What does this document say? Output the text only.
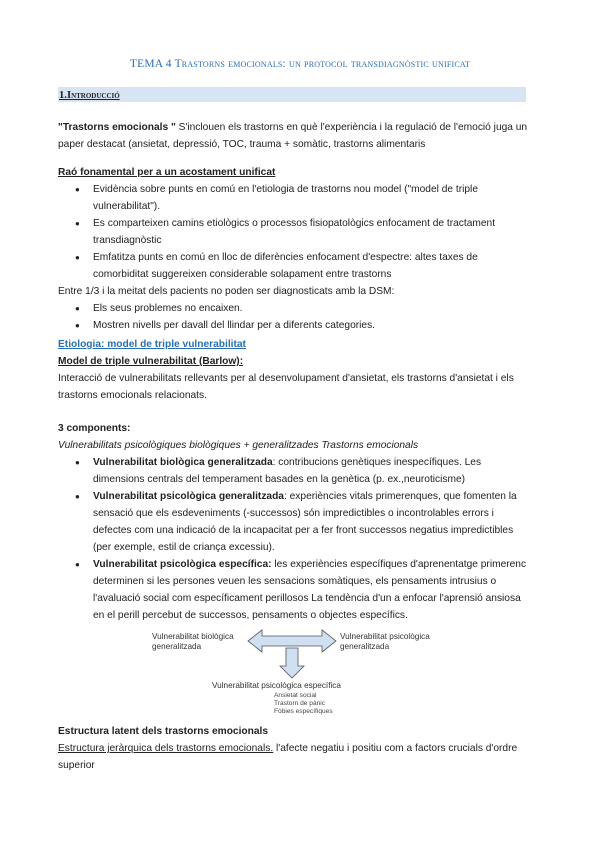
TEMA 4 Trastorns emocionals: un protocol transdiagnòstic unificat
1.Introducció

"Trastorns emocionals " S'inclouen els trastorns en què l'experiència i la regulació de l'emoció juga un paper destacat (ansietat, depressió, TOC, trauma + somàtic, trastorns alimentaris

Raó fonamental per a un acostament unificat

● Evidència sobre punts en comú en l'etiologia de trastorns nou model ("model de triple vulnerabilitat").
● Es comparteixen camins etiològics o processos fisiopatològics enfocament de tractament transdiagnòstic
● Emfatitza punts en comú en lloc de diferències enfocament d'espectre: altes taxes de comorbiditat suggereixen considerable solapament entre trastorns

Entre 1/3 i la meitat dels pacients no poden ser diagnosticats amb la DSM:

● Els seus problemes no encaixen.
● Mostren nivells per davall del llindar per a diferents categories.

Etiologia: model de triple vulnerabilitat

Model de triple vulnerabilitat (Barlow):

Interacció de vulnerabilitats rellevants per al desenvolupament d'ansietat, els trastorns d'ansietat i els trastorns emocionals relacionats.

3 components:

Vulnerabilitats psicològiques biològiques + generalitzades Trastorns emocionals

● Vulnerabilitat biològica generalitzada: contribucions genètiques inespecífiques. Les dimensions centrals del temperament basades en la genètica (p. ex.,neuroticisme)
● Vulnerabilitat psicològica generalitzada: experiències vitals primerenques, que fomenten la sensació que els esdeveniments (-successos) són impredictibles o incontrolables errors i defectes com una indicació de la incapacitat per a fer front successos negatius impredictibles (per exemple, estil de criança excessiu).
● Vulnerabilitat psicològica específica: les experiències específiques d'aprenentatge primerenc determinen si les persones veuen les sensacions somàtiques, els pensaments intrusius o l'avaluació social com específicament perillosos La tendència d'un a enfocar l'aprensió ansiosa en el perill percebut de successos, pensaments o objectes específics.
Vulnerabilitat biològica generalitzada
Vulnerabilitat psicològica generalitzada
Vulnerabilitat psicològica específica
Ansietat social
Trastorn de pànic
Fòbies específiques

Estructura latent dels trastorns emocionals

Estructura jeràrquica dels trastorns emocionals. l'afecte negatiu i positiu com a factors crucials d'ordre superior
